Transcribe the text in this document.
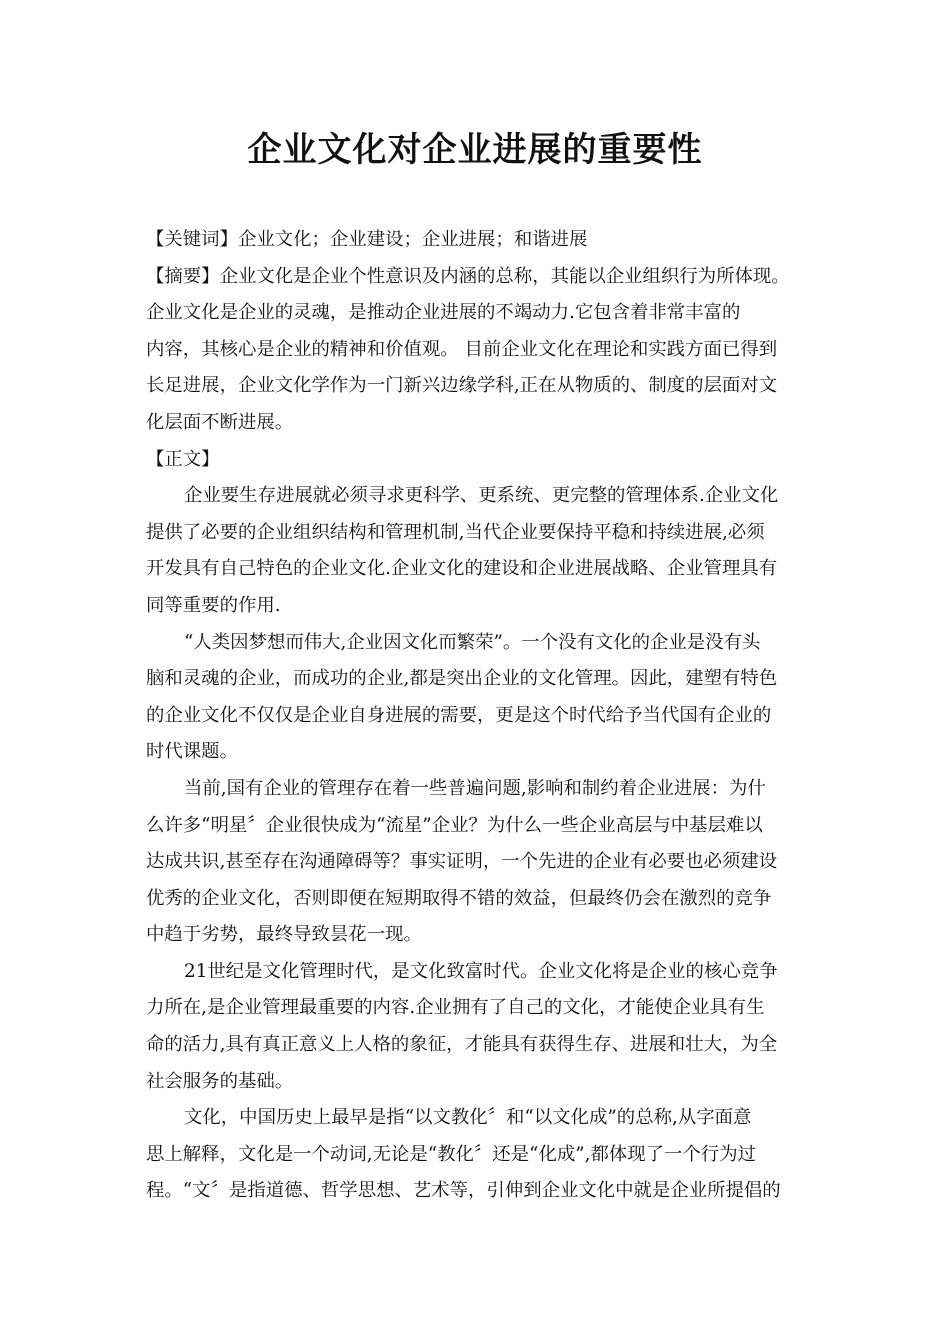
企业文化对企业进展的重要性
【关键词】企业文化；企业建设；企业进展；和谐进展
【摘要】企业文化是企业个性意识及内涵的总称，其能以企业组织行为所体现。
企业文化是企业的灵魂，是推动企业进展的不竭动力.它包含着非常丰富的
内容，其核心是企业的精神和价值观。 目前企业文化在理论和实践方面已得到
长足进展，企业文化学作为一门新兴边缘学科,正在从物质的、制度的层面对文
化层面不断进展。
【正文】
企业要生存进展就必须寻求更科学、更系统、更完整的管理体系.企业文化
提供了必要的企业组织结构和管理机制,当代企业要保持平稳和持续进展,必须
开发具有自己特色的企业文化.企业文化的建设和企业进展战略、企业管理具有
同等重要的作用.
“人类因梦想而伟大,企业因文化而繁荣”。一个没有文化的企业是没有头
脑和灵魂的企业，而成功的企业,都是突出企业的文化管理。因此，建塑有特色
的企业文化不仅仅是企业自身进展的需要，更是这个时代给予当代国有企业的
时代课题。
当前,国有企业的管理存在着一些普遍问题,影响和制约着企业进展：为什
么许多“明星〞企业很快成为“流星”企业？为什么一些企业高层与中基层难以
达成共识,甚至存在沟通障碍等？事实证明，一个先进的企业有必要也必须建设
优秀的企业文化，否则即便在短期取得不错的效益，但最终仍会在激烈的竞争
中趋于劣势，最终导致昙花一现。
21世纪是文化管理时代，是文化致富时代。企业文化将是企业的核心竞争
力所在,是企业管理最重要的内容.企业拥有了自己的文化，才能使企业具有生
命的活力,具有真正意义上人格的象征，才能具有获得生存、进展和壮大，为全
社会服务的基础。
文化，中国历史上最早是指“以文教化〞和“以文化成”的总称,从字面意
思上解释，文化是一个动词,无论是“教化〞还是“化成”,都体现了一个行为过
程。“文〞是指道德、哲学思想、艺术等，引伸到企业文化中就是企业所提倡的
